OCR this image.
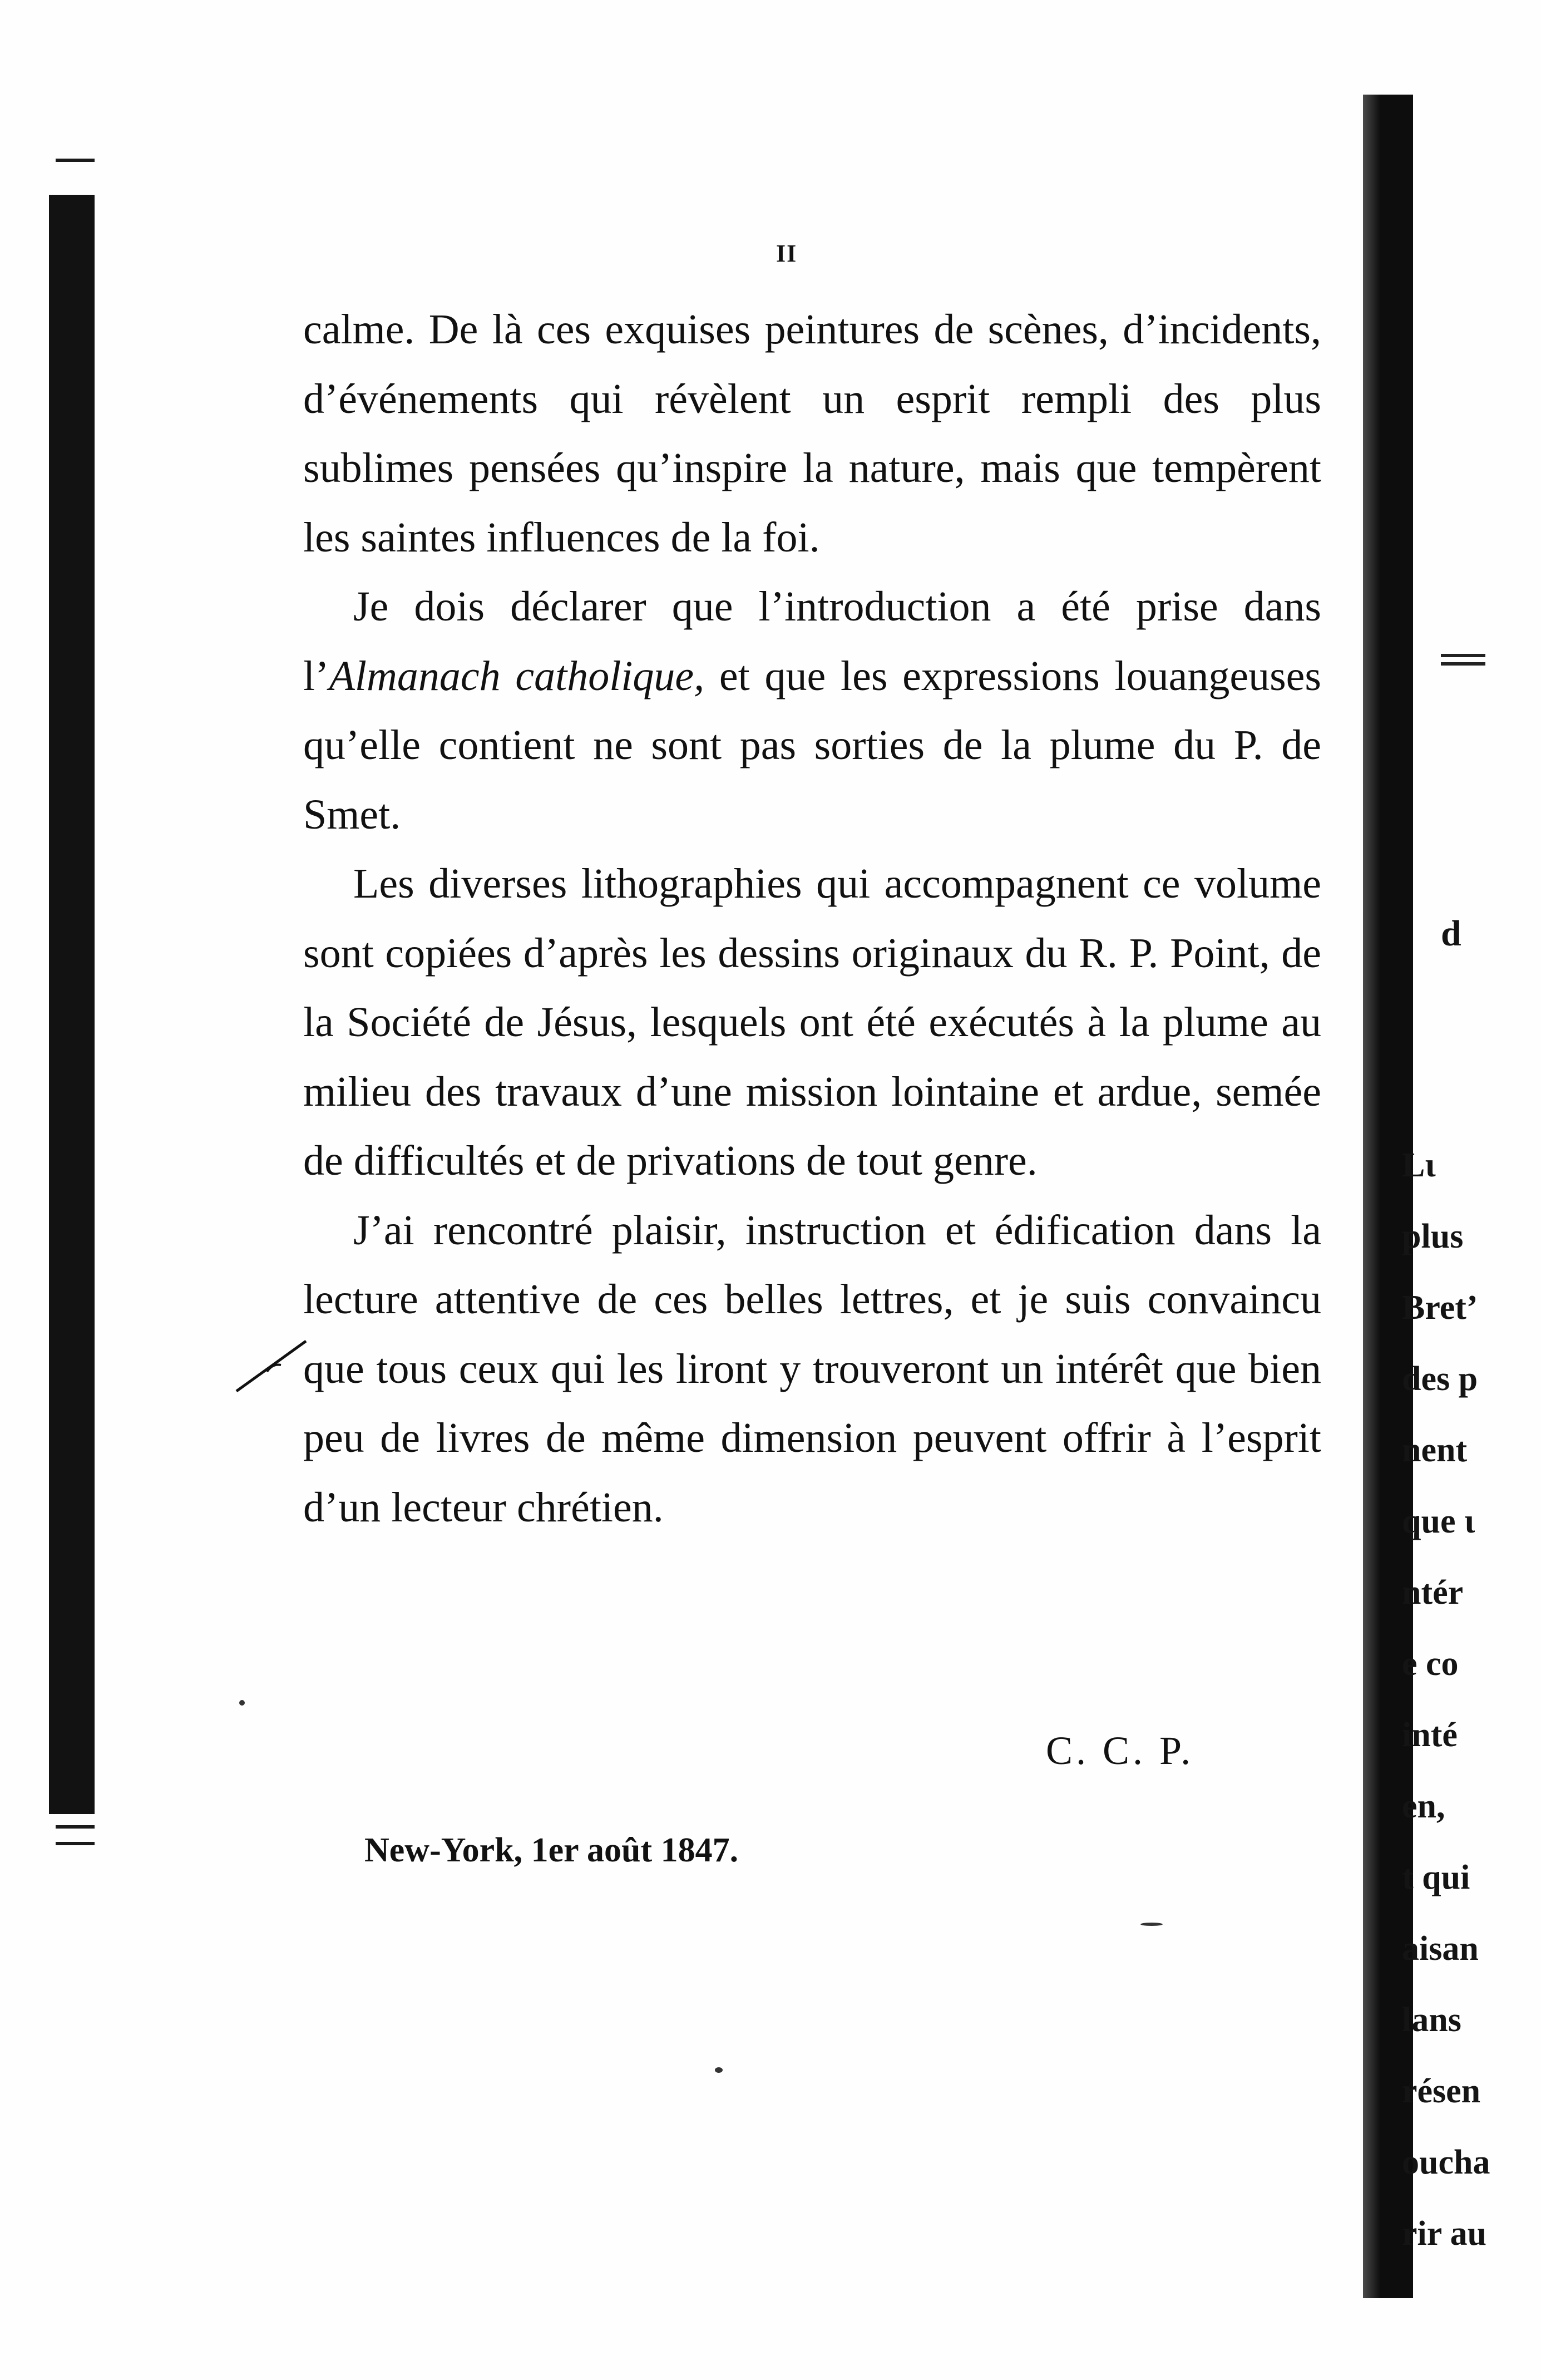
d
Lɩ
plus
Bret’
des p
nent
que ɩ
ntér
e co
inté
en,
t qui
aisan
lans
résen
oucha
rir au
II

calme. De là ces exquises peintures de scènes, d’incidents, d’événements qui révèlent un esprit rempli des plus sublimes pensées qu’inspire la nature, mais que tempèrent les saintes influences de la foi.

Je dois déclarer que l’introduction a été prise dans l’Almanach catholique, et que les expressions louangeuses qu’elle contient ne sont pas sorties de la plume du P. de Smet.

Les diverses lithographies qui accompagnent ce volume sont copiées d’après les dessins originaux du R. P. Point, de la Société de Jésus, lesquels ont été exécutés à la plume au milieu des travaux d’une mission lointaine et ardue, semée de difficultés et de privations de tout genre.

J’ai rencontré plaisir, instruction et édification dans la lecture attentive de ces belles lettres, et je suis convaincu que tous ceux qui les liront y trouveront un intérêt que bien peu de livres de même dimension peuvent offrir à l’esprit d’un lecteur chrétien.

C. C. P.
New-York, 1er août 1847.
